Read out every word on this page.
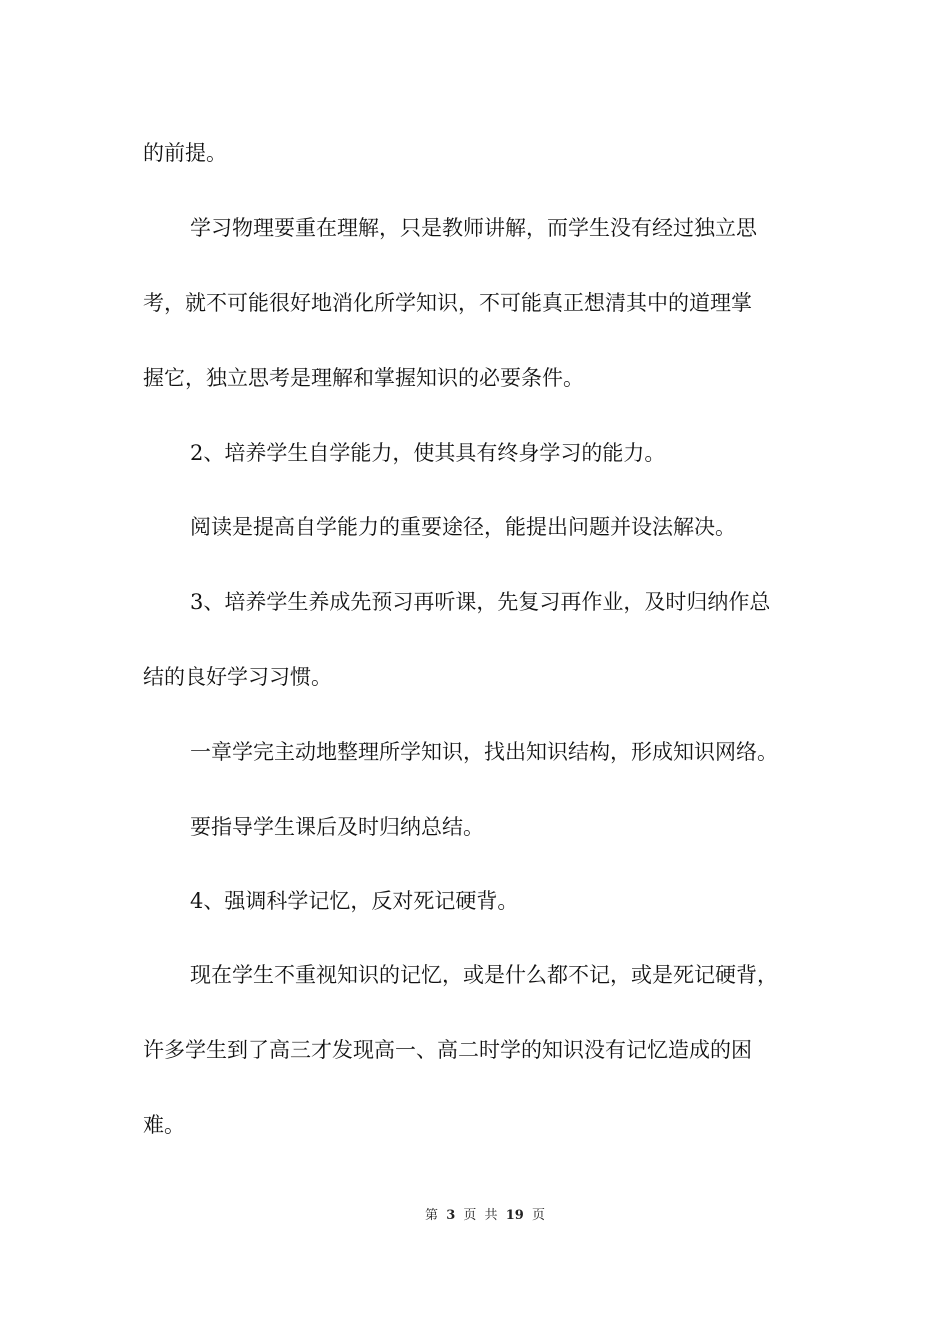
的前提。
学习物理要重在理解，只是教师讲解，而学生没有经过独立思
考，就不可能很好地消化所学知识，不可能真正想清其中的道理掌
握它，独立思考是理解和掌握知识的必要条件。
2、培养学生自学能力，使其具有终身学习的能力。
阅读是提高自学能力的重要途径，能提出问题并设法解决。
3、培养学生养成先预习再听课，先复习再作业，及时归纳作总
结的良好学习习惯。
一章学完主动地整理所学知识，找出知识结构，形成知识网络。
要指导学生课后及时归纳总结。
4、强调科学记忆，反对死记硬背。
现在学生不重视知识的记忆，或是什么都不记，或是死记硬背，
许多学生到了高三才发现高一、高二时学的知识没有记忆造成的困
难。
第 3 页 共 19 页
